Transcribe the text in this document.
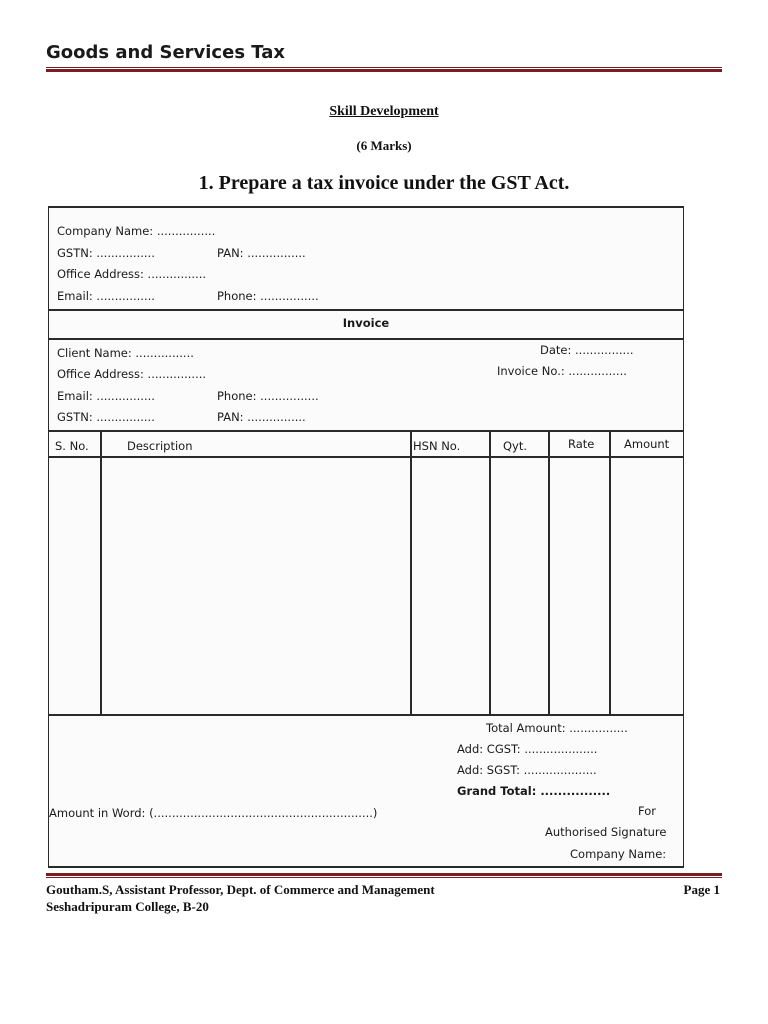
Goods and Services Tax
Skill Development
(6 Marks)
1. Prepare a tax invoice under the GST Act.
Company Name: ................
GSTN: ................	PAN: ................
Office Address: ................
Email: ................	Phone: ................
Invoice
Client Name: ................	Date: ................
Office Address: ................	Invoice No.: ................
Email: ................	Phone: ................
GSTN: ................	PAN: ................
S. No.	Description	HSN No.	Qyt.	Rate	Amount
Total Amount: ................
Add: CGST: ....................
Add: SGST: ....................
Grand Total: ................
Amount in Word: (............................................................)	For
Authorised Signature
Company Name:
Goutham.S, Assistant Professor, Dept. of Commerce and Management	Page 1
Seshadripuram College, B-20
